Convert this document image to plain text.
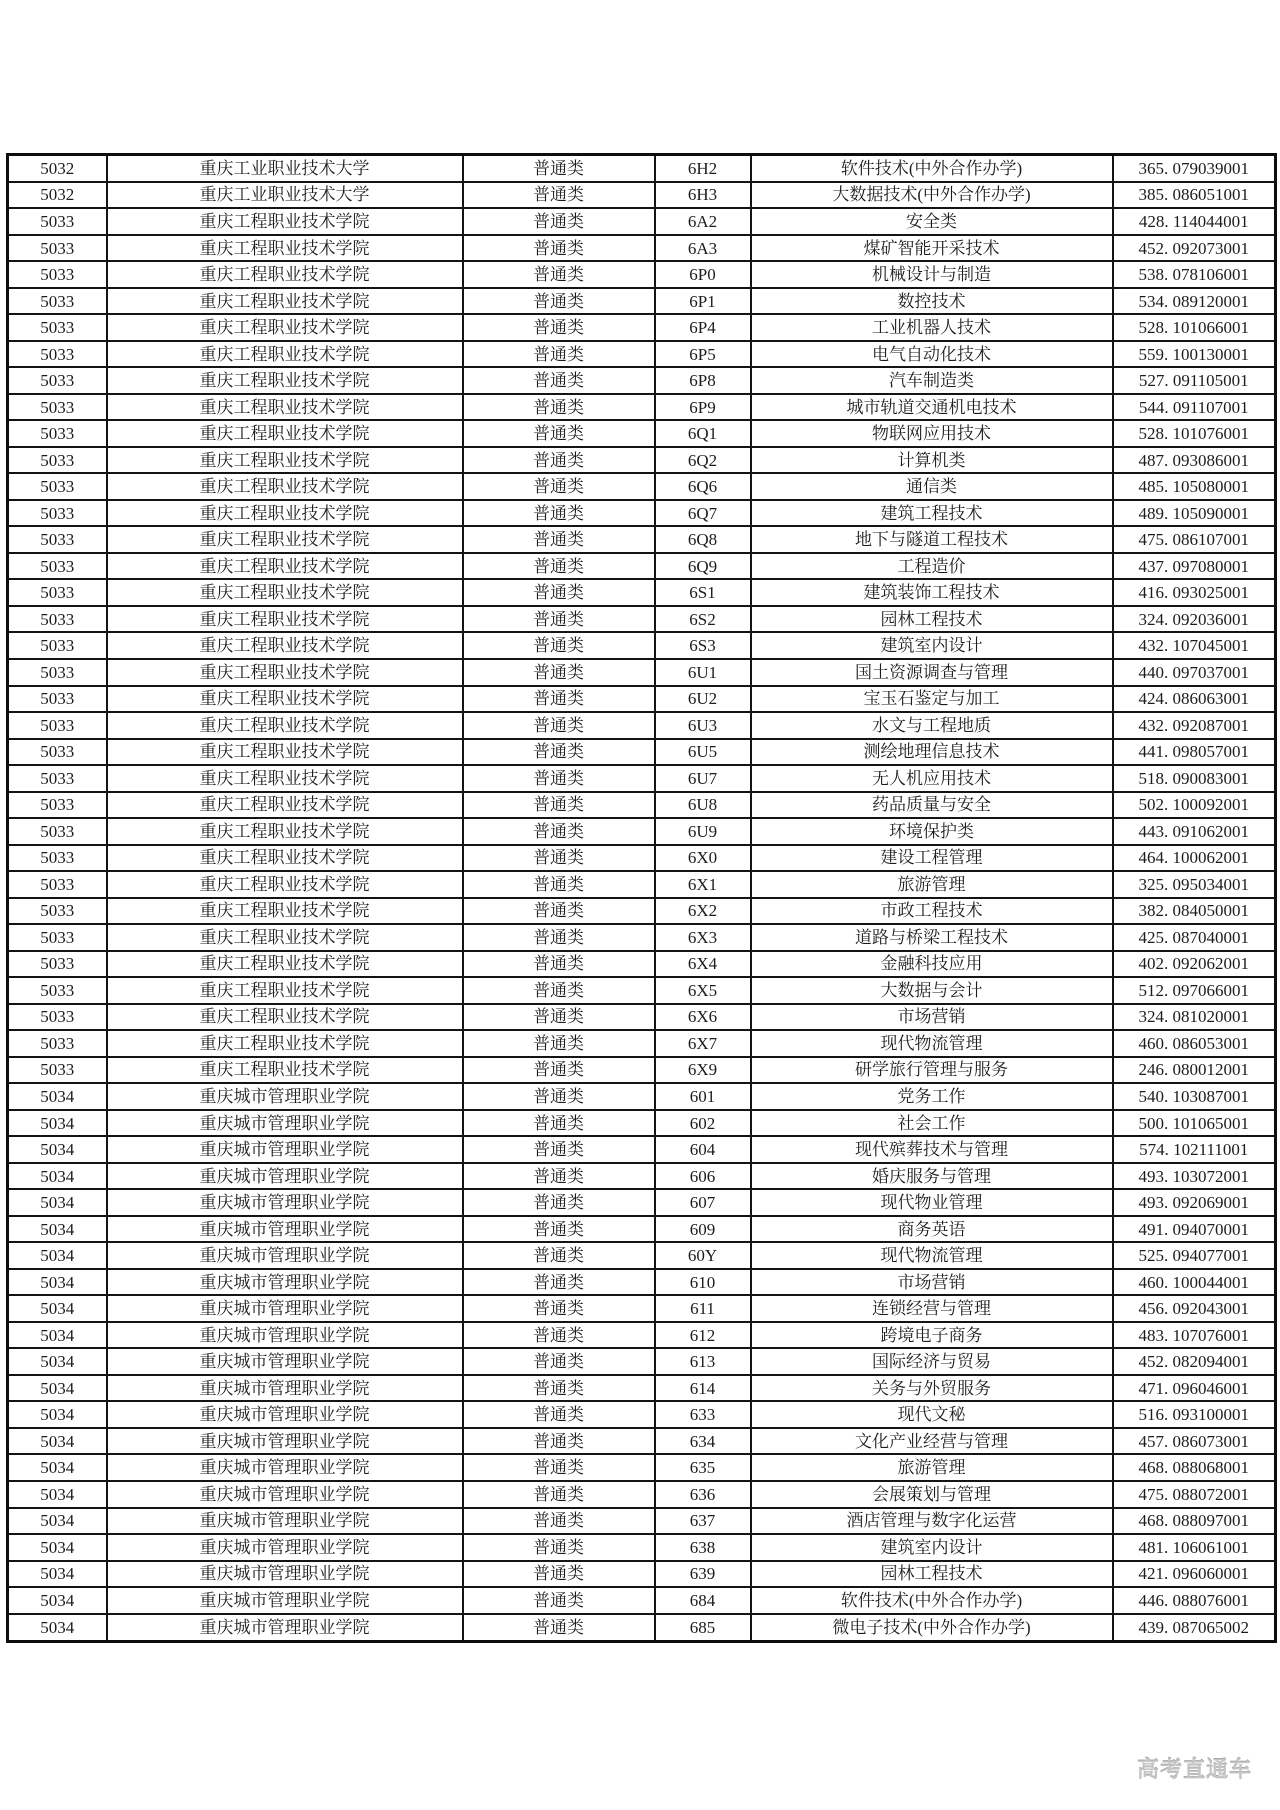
5032	重庆工业职业技术大学	普通类	6H2	软件技术(中外合作办学)	365. 079039001
5032	重庆工业职业技术大学	普通类	6H3	大数据技术(中外合作办学)	385. 086051001
5033	重庆工程职业技术学院	普通类	6A2	安全类	428. 114044001
5033	重庆工程职业技术学院	普通类	6A3	煤矿智能开采技术	452. 092073001
5033	重庆工程职业技术学院	普通类	6P0	机械设计与制造	538. 078106001
5033	重庆工程职业技术学院	普通类	6P1	数控技术	534. 089120001
5033	重庆工程职业技术学院	普通类	6P4	工业机器人技术	528. 101066001
5033	重庆工程职业技术学院	普通类	6P5	电气自动化技术	559. 100130001
5033	重庆工程职业技术学院	普通类	6P8	汽车制造类	527. 091105001
5033	重庆工程职业技术学院	普通类	6P9	城市轨道交通机电技术	544. 091107001
5033	重庆工程职业技术学院	普通类	6Q1	物联网应用技术	528. 101076001
5033	重庆工程职业技术学院	普通类	6Q2	计算机类	487. 093086001
5033	重庆工程职业技术学院	普通类	6Q6	通信类	485. 105080001
5033	重庆工程职业技术学院	普通类	6Q7	建筑工程技术	489. 105090001
5033	重庆工程职业技术学院	普通类	6Q8	地下与隧道工程技术	475. 086107001
5033	重庆工程职业技术学院	普通类	6Q9	工程造价	437. 097080001
5033	重庆工程职业技术学院	普通类	6S1	建筑装饰工程技术	416. 093025001
5033	重庆工程职业技术学院	普通类	6S2	园林工程技术	324. 092036001
5033	重庆工程职业技术学院	普通类	6S3	建筑室内设计	432. 107045001
5033	重庆工程职业技术学院	普通类	6U1	国土资源调查与管理	440. 097037001
5033	重庆工程职业技术学院	普通类	6U2	宝玉石鉴定与加工	424. 086063001
5033	重庆工程职业技术学院	普通类	6U3	水文与工程地质	432. 092087001
5033	重庆工程职业技术学院	普通类	6U5	测绘地理信息技术	441. 098057001
5033	重庆工程职业技术学院	普通类	6U7	无人机应用技术	518. 090083001
5033	重庆工程职业技术学院	普通类	6U8	药品质量与安全	502. 100092001
5033	重庆工程职业技术学院	普通类	6U9	环境保护类	443. 091062001
5033	重庆工程职业技术学院	普通类	6X0	建设工程管理	464. 100062001
5033	重庆工程职业技术学院	普通类	6X1	旅游管理	325. 095034001
5033	重庆工程职业技术学院	普通类	6X2	市政工程技术	382. 084050001
5033	重庆工程职业技术学院	普通类	6X3	道路与桥梁工程技术	425. 087040001
5033	重庆工程职业技术学院	普通类	6X4	金融科技应用	402. 092062001
5033	重庆工程职业技术学院	普通类	6X5	大数据与会计	512. 097066001
5033	重庆工程职业技术学院	普通类	6X6	市场营销	324. 081020001
5033	重庆工程职业技术学院	普通类	6X7	现代物流管理	460. 086053001
5033	重庆工程职业技术学院	普通类	6X9	研学旅行管理与服务	246. 080012001
5034	重庆城市管理职业学院	普通类	601	党务工作	540. 103087001
5034	重庆城市管理职业学院	普通类	602	社会工作	500. 101065001
5034	重庆城市管理职业学院	普通类	604	现代殡葬技术与管理	574. 102111001
5034	重庆城市管理职业学院	普通类	606	婚庆服务与管理	493. 103072001
5034	重庆城市管理职业学院	普通类	607	现代物业管理	493. 092069001
5034	重庆城市管理职业学院	普通类	609	商务英语	491. 094070001
5034	重庆城市管理职业学院	普通类	60Y	现代物流管理	525. 094077001
5034	重庆城市管理职业学院	普通类	610	市场营销	460. 100044001
5034	重庆城市管理职业学院	普通类	611	连锁经营与管理	456. 092043001
5034	重庆城市管理职业学院	普通类	612	跨境电子商务	483. 107076001
5034	重庆城市管理职业学院	普通类	613	国际经济与贸易	452. 082094001
5034	重庆城市管理职业学院	普通类	614	关务与外贸服务	471. 096046001
5034	重庆城市管理职业学院	普通类	633	现代文秘	516. 093100001
5034	重庆城市管理职业学院	普通类	634	文化产业经营与管理	457. 086073001
5034	重庆城市管理职业学院	普通类	635	旅游管理	468. 088068001
5034	重庆城市管理职业学院	普通类	636	会展策划与管理	475. 088072001
5034	重庆城市管理职业学院	普通类	637	酒店管理与数字化运营	468. 088097001
5034	重庆城市管理职业学院	普通类	638	建筑室内设计	481. 106061001
5034	重庆城市管理职业学院	普通类	639	园林工程技术	421. 096060001
5034	重庆城市管理职业学院	普通类	684	软件技术(中外合作办学)	446. 088076001
5034	重庆城市管理职业学院	普通类	685	微电子技术(中外合作办学)	439. 087065002
高考直通车
